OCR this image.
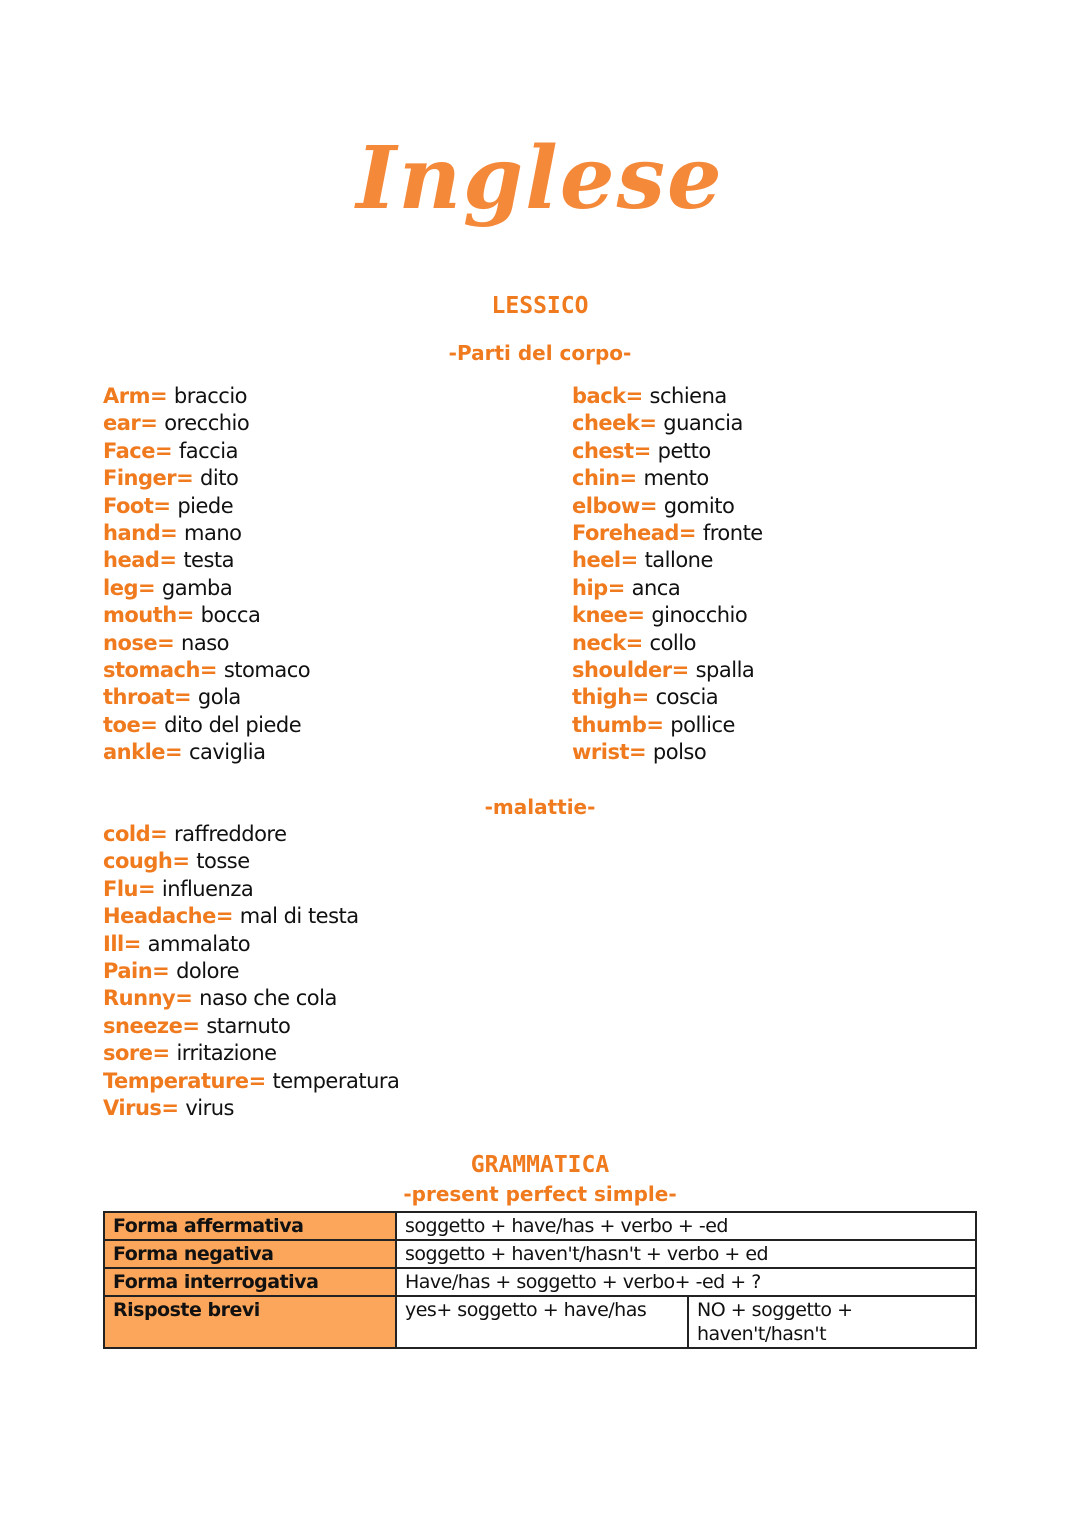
Inglese
LESSICO
-Parti del corpo-
Arm= braccio
ear= orecchio
Face= faccia
Finger= dito
Foot= piede
hand= mano
head= testa
leg= gamba
mouth= bocca
nose= naso
stomach= stomaco
throat= gola
toe= dito del piede
ankle= caviglia
back= schiena
cheek= guancia
chest= petto
chin= mento
elbow= gomito
Forehead= fronte
heel= tallone
hip= anca
knee= ginocchio
neck= collo
shoulder= spalla
thigh= coscia
thumb= pollice
wrist= polso
-malattie-
cold= raffreddore
cough= tosse
Flu= influenza
Headache= mal di testa
Ill= ammalato
Pain= dolore
Runny= naso che cola
sneeze= starnuto
sore= irritazione
Temperature= temperatura
Virus= virus
GRAMMATICA
-present perfect simple-
Forma affermativa	soggetto + have/has + verbo + -ed	
Forma negativa	soggetto + haven't/hasn't + verbo + ed	
Forma interrogativa	Have/has + soggetto + verbo+ -ed + ?	
Risposte brevi	yes+ soggetto + have/has	NO + soggetto + haven't/hasn't
